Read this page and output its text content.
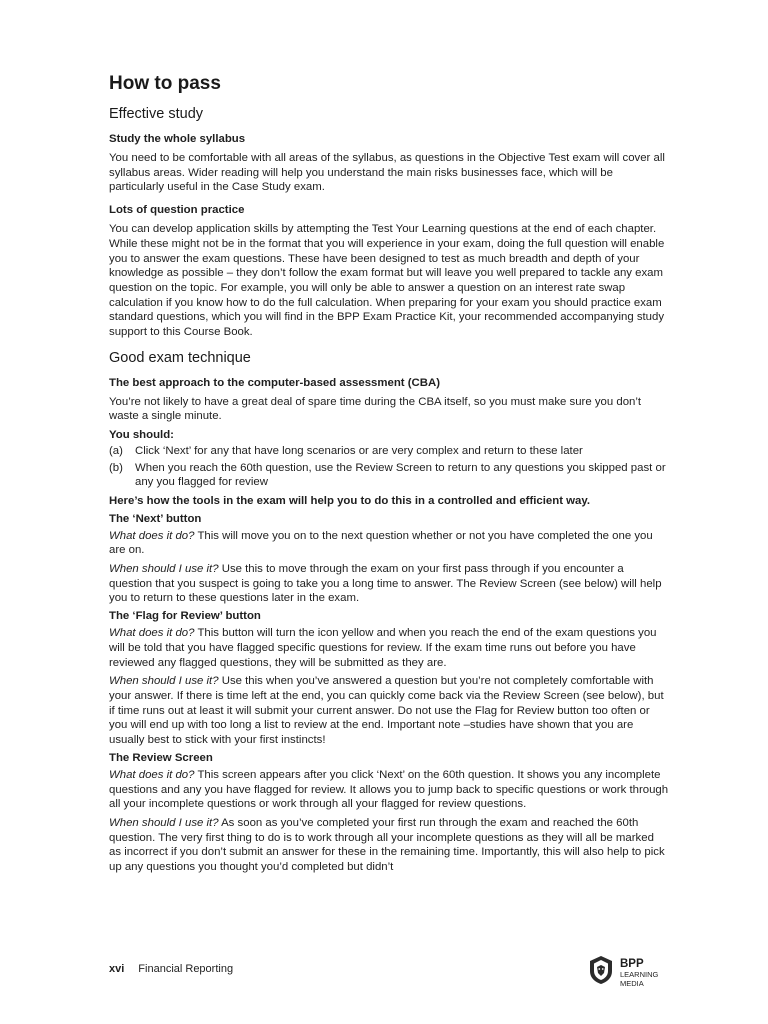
How to pass
Effective study
Study the whole syllabus

You need to be comfortable with all areas of the syllabus, as questions in the Objective Test exam will cover all syllabus areas. Wider reading will help you understand the main risks businesses face, which will be particularly useful in the Case Study exam.

Lots of question practice

You can develop application skills by attempting the Test Your Learning questions at the end of each chapter. While these might not be in the format that you will experience in your exam, doing the full question will enable you to answer the exam questions. These have been designed to test as much breadth and depth of your knowledge as possible – they don’t follow the exam format but will leave you well prepared to tackle any exam question on the topic. For example, you will only be able to answer a question on an interest rate swap calculation if you know how to do the full calculation. When preparing for your exam you should practice exam standard questions, which you will find in the BPP Exam Practice Kit, your recommended accompanying study support to this Course Book.

Good exam technique
The best approach to the computer-based assessment (CBA)

You’re not likely to have a great deal of spare time during the CBA itself, so you must make sure you don’t waste a single minute.

You should:

(a)	Click ‘Next’ for any that have long scenarios or are very complex and return to these later
(b)	When you reach the 60th question, use the Review Screen to return to any questions you skipped past or any you flagged for review

Here’s how the tools in the exam will help you to do this in a controlled and efficient way.

The ‘Next’ button

What does it do? This will move you on to the next question whether or not you have completed the one you are on.

When should I use it? Use this to move through the exam on your first pass through if you encounter a question that you suspect is going to take you a long time to answer. The Review Screen (see below) will help you to return to these questions later in the exam.

The ‘Flag for Review’ button

What does it do? This button will turn the icon yellow and when you reach the end of the exam questions you will be told that you have flagged specific questions for review. If the exam time runs out before you have reviewed any flagged questions, they will be submitted as they are.

When should I use it? Use this when you’ve answered a question but you’re not completely comfortable with your answer. If there is time left at the end, you can quickly come back via the Review Screen (see below), but if time runs out at least it will submit your current answer. Do not use the Flag for Review button too often or you will end up with too long a list to review at the end. Important note –studies have shown that you are usually best to stick with your first instincts!

The Review Screen

What does it do? This screen appears after you click ‘Next’ on the 60th question. It shows you any incomplete questions and any you have flagged for review. It allows you to jump back to specific questions or work through all your incomplete questions or work through all your flagged for review questions.

When should I use it? As soon as you’ve completed your first run through the exam and reached the 60th question. The very first thing to do is to work through all your incomplete questions as they will all be marked as incorrect if you don’t submit an answer for these in the remaining time. Importantly, this will also help to pick up any questions you thought you’d completed but didn’t

xvi Financial Reporting	BPP
LEARNING
MEDIA
